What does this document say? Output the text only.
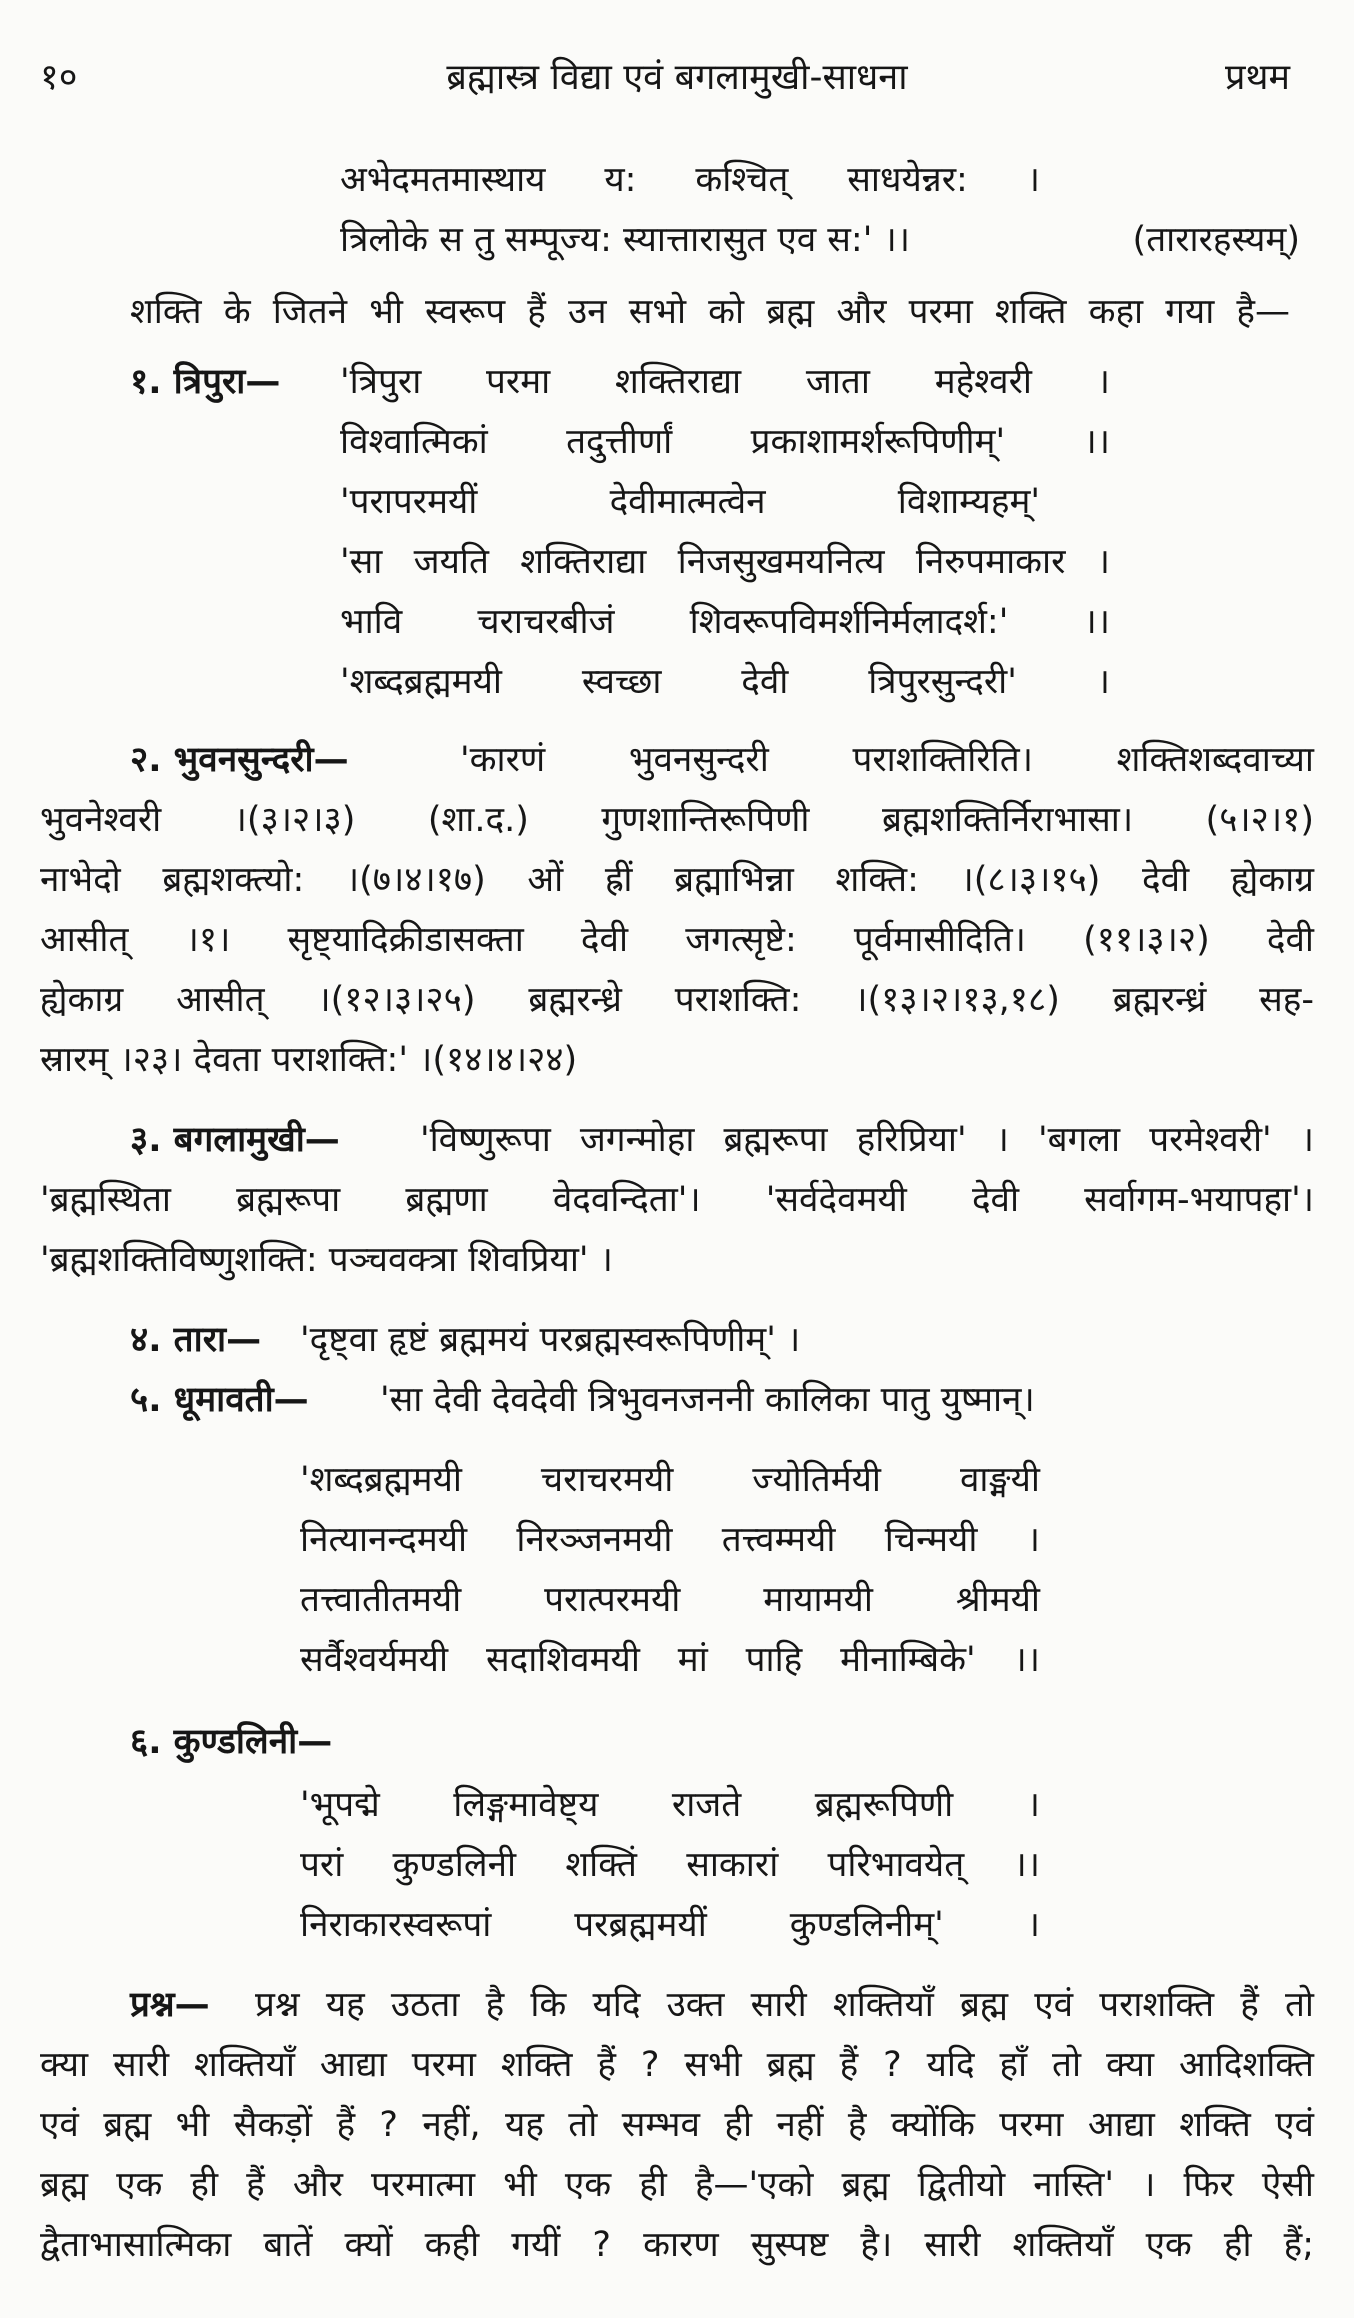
१०	ब्रह्मास्त्र विद्या एवं बगलामुखी-साधना	प्रथम
अभेदमतमास्थाय य: कश्चित् साधयेन्नर: ।
त्रिलोके स तु सम्पूज्य: स्यात्तारासुत एव स:' ।।	(तारारहस्यम्)
शक्ति के जितने भी स्वरूप हैं उन सभो को ब्रह्म और परमा शक्ति कहा गया है—
१. त्रिपुरा— 'त्रिपुरा परमा शक्तिराद्या जाता महेश्वरी ।
विश्वात्मिकां तदुत्तीर्णां प्रकाशामर्शरूपिणीम्' ।।
'परापरमयीं देवीमात्मत्वेन विशाम्यहम्'
'सा जयति शक्तिराद्या निजसुखमयनित्य निरुपमाकार ।
भावि चराचरबीजं शिवरूपविमर्शनिर्मलादर्श:' ।।
'शब्दब्रह्ममयी स्वच्छा देवी त्रिपुरसुन्दरी' ।
२. भुवनसुन्दरी—	'कारणं भुवनसुन्दरी पराशक्तिरिति। शक्तिशब्दवाच्या
भुवनेश्वरी ।(३।२।३) (शा.द.) गुणशान्तिरूपिणी ब्रह्मशक्तिर्निराभासा। (५।२।१)
नाभेदो ब्रह्मशक्त्यो: ।(७।४।१७) ओं ह्रीं ब्रह्माभिन्ना शक्ति: ।(८।३।१५) देवी ह्येकाग्र
आसीत् ।१। सृष्ट्यादिक्रीडासक्ता देवी जगत्सृष्टे: पूर्वमासीदिति। (११।३।२) देवी
ह्येकाग्र आसीत् ।(१२।३।२५) ब्रह्मरन्ध्रे पराशक्ति: ।(१३।२।१३,१८) ब्रह्मरन्ध्रं सह-
स्रारम् ।२३। देवता पराशक्ति:' ।(१४।४।२४)
३. बगलामुखी— 'विष्णुरूपा जगन्मोहा ब्रह्मरूपा हरिप्रिया' । 'बगला परमेश्वरी' ।
'ब्रह्मस्थिता ब्रह्मरूपा ब्रह्मणा वेदवन्दिता'। 'सर्वदेवमयी देवी सर्वागम-भयापहा'।
'ब्रह्मशक्तिविष्णुशक्ति: पञ्चवक्त्रा शिवप्रिया' ।
४. तारा— 'दृष्ट्वा हृष्टं ब्रह्ममयं परब्रह्मस्वरूपिणीम्' ।
५. धूमावती— 'सा देवी देवदेवी त्रिभुवनजननी कालिका पातु युष्मान्।
'शब्दब्रह्ममयी चराचरमयी ज्योतिर्मयी वाङ्मयी
नित्यानन्दमयी निरञ्जनमयी तत्त्वम्मयी चिन्मयी ।
तत्त्वातीतमयी परात्परमयी मायामयी श्रीमयी
सर्वैश्वर्यमयी सदाशिवमयी मां पाहि मीनाम्बिके' ।।
६. कुण्डलिनी—
'भूपद्मे लिङ्गमावेष्ट्य राजते ब्रह्मरूपिणी ।
परां कुण्डलिनी शक्तिं साकारां परिभावयेत् ।।
निराकारस्वरूपां परब्रह्ममयीं कुण्डलिनीम्' ।
प्रश्न— प्रश्न यह उठता है कि यदि उक्त सारी शक्तियाँ ब्रह्म एवं पराशक्ति हैं तो
क्या सारी शक्तियाँ आद्या परमा शक्ति हैं ? सभी ब्रह्म हैं ? यदि हाँ तो क्या आदिशक्ति
एवं ब्रह्म भी सैकड़ों हैं ? नहीं, यह तो सम्भव ही नहीं है क्योंकि परमा आद्या शक्ति एवं
ब्रह्म एक ही हैं और परमात्मा भी एक ही है—'एको ब्रह्म द्वितीयो नास्ति' । फिर ऐसी
द्वैताभासात्मिका बातें क्यों कही गयीं ? कारण सुस्पष्ट है। सारी शक्तियाँ एक ही हैं;
